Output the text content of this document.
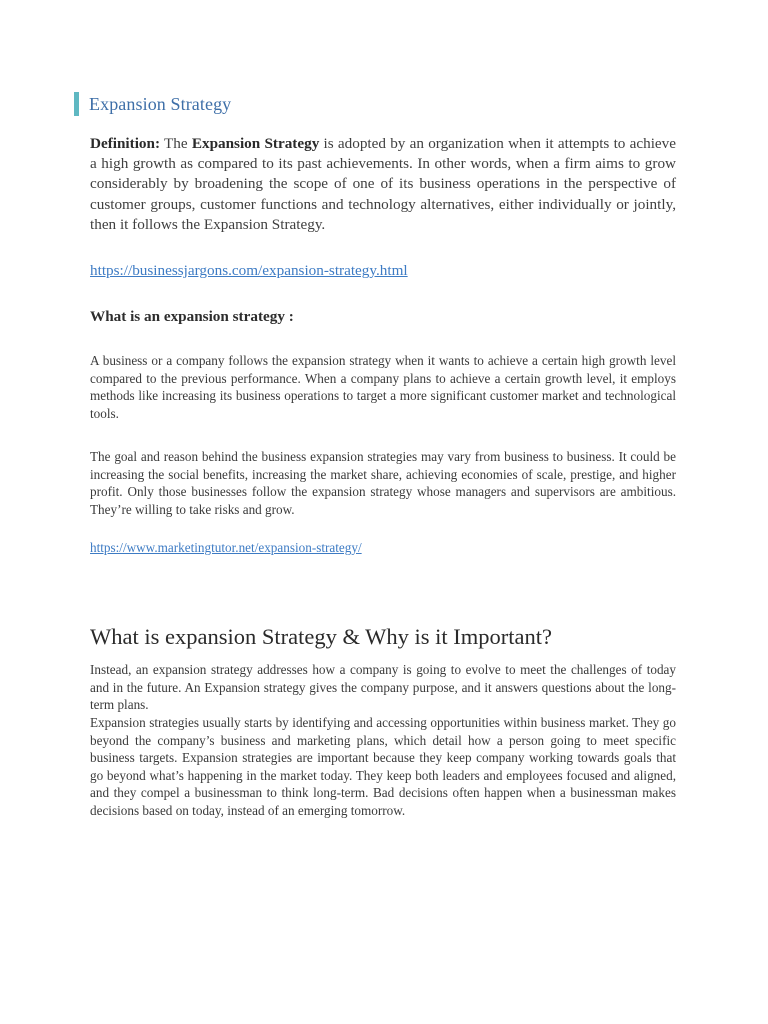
Expansion Strategy

Definition: The Expansion Strategy is adopted by an organization when it attempts to achieve a high growth as compared to its past achievements. In other words, when a firm aims to grow considerably by broadening the scope of one of its business operations in the perspective of customer groups, customer functions and technology alternatives, either individually or jointly, then it follows the Expansion Strategy.

https://businessjargons.com/expansion-strategy.html
What is an expansion strategy :

A business or a company follows the expansion strategy when it wants to achieve a certain high growth level compared to the previous performance. When a company plans to achieve a certain growth level, it employs methods like increasing its business operations to target a more significant customer market and technological tools.

The goal and reason behind the business expansion strategies may vary from business to business. It could be increasing the social benefits, increasing the market share, achieving economies of scale, prestige, and higher profit. Only those businesses follow the expansion strategy whose managers and supervisors are ambitious. They’re willing to take risks and grow.

https://www.marketingtutor.net/expansion-strategy/
What is expansion Strategy & Why is it Important?

Instead, an expansion strategy addresses how a company is going to evolve to meet the challenges of today and in the future. An Expansion strategy gives the company purpose, and it answers questions about the long-term plans.

Expansion strategies usually starts by identifying and accessing opportunities within business market. They go beyond the company’s business and marketing plans, which detail how a person going to meet specific business targets. Expansion strategies are important because they keep company working towards goals that go beyond what’s happening in the market today. They keep both leaders and employees focused and aligned, and they compel a businessman to think long-term. Bad decisions often happen when a businessman makes decisions based on today, instead of an emerging tomorrow.
